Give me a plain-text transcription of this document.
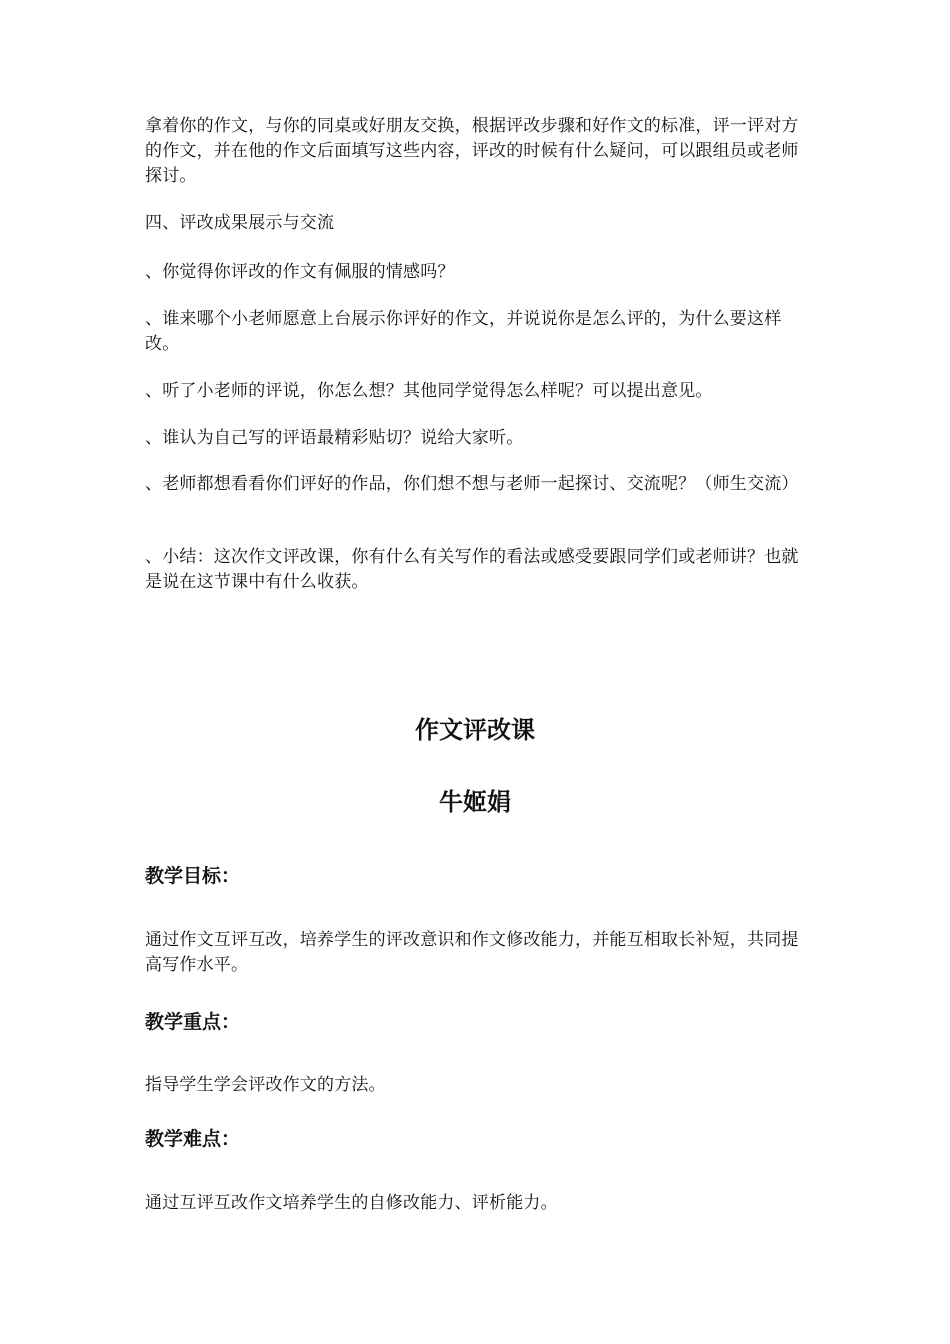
拿着你的作文，与你的同桌或好朋友交换，根据评改步骤和好作文的标准，评一评对方的作文，并在他的作文后面填写这些内容，评改的时候有什么疑问，可以跟组员或老师探讨。

四、评改成果展示与交流

、你觉得你评改的作文有佩服的情感吗？

、谁来哪个小老师愿意上台展示你评好的作文，并说说你是怎么评的，为什么要这样改。

、听了小老师的评说，你怎么想？其他同学觉得怎么样呢？可以提出意见。

、谁认为自己写的评语最精彩贴切？说给大家听。

、老师都想看看你们评好的作品，你们想不想与老师一起探讨、交流呢？（师生交流）

、小结：这次作文评改课，你有什么有关写作的看法或感受要跟同学们或老师讲？也就是说在这节课中有什么收获。

作文评改课
牛姬娟
教学目标：

通过作文互评互改，培养学生的评改意识和作文修改能力，并能互相取长补短，共同提高写作水平。

教学重点：

指导学生学会评改作文的方法。

教学难点：

通过互评互改作文培养学生的自修改能力、评析能力。
